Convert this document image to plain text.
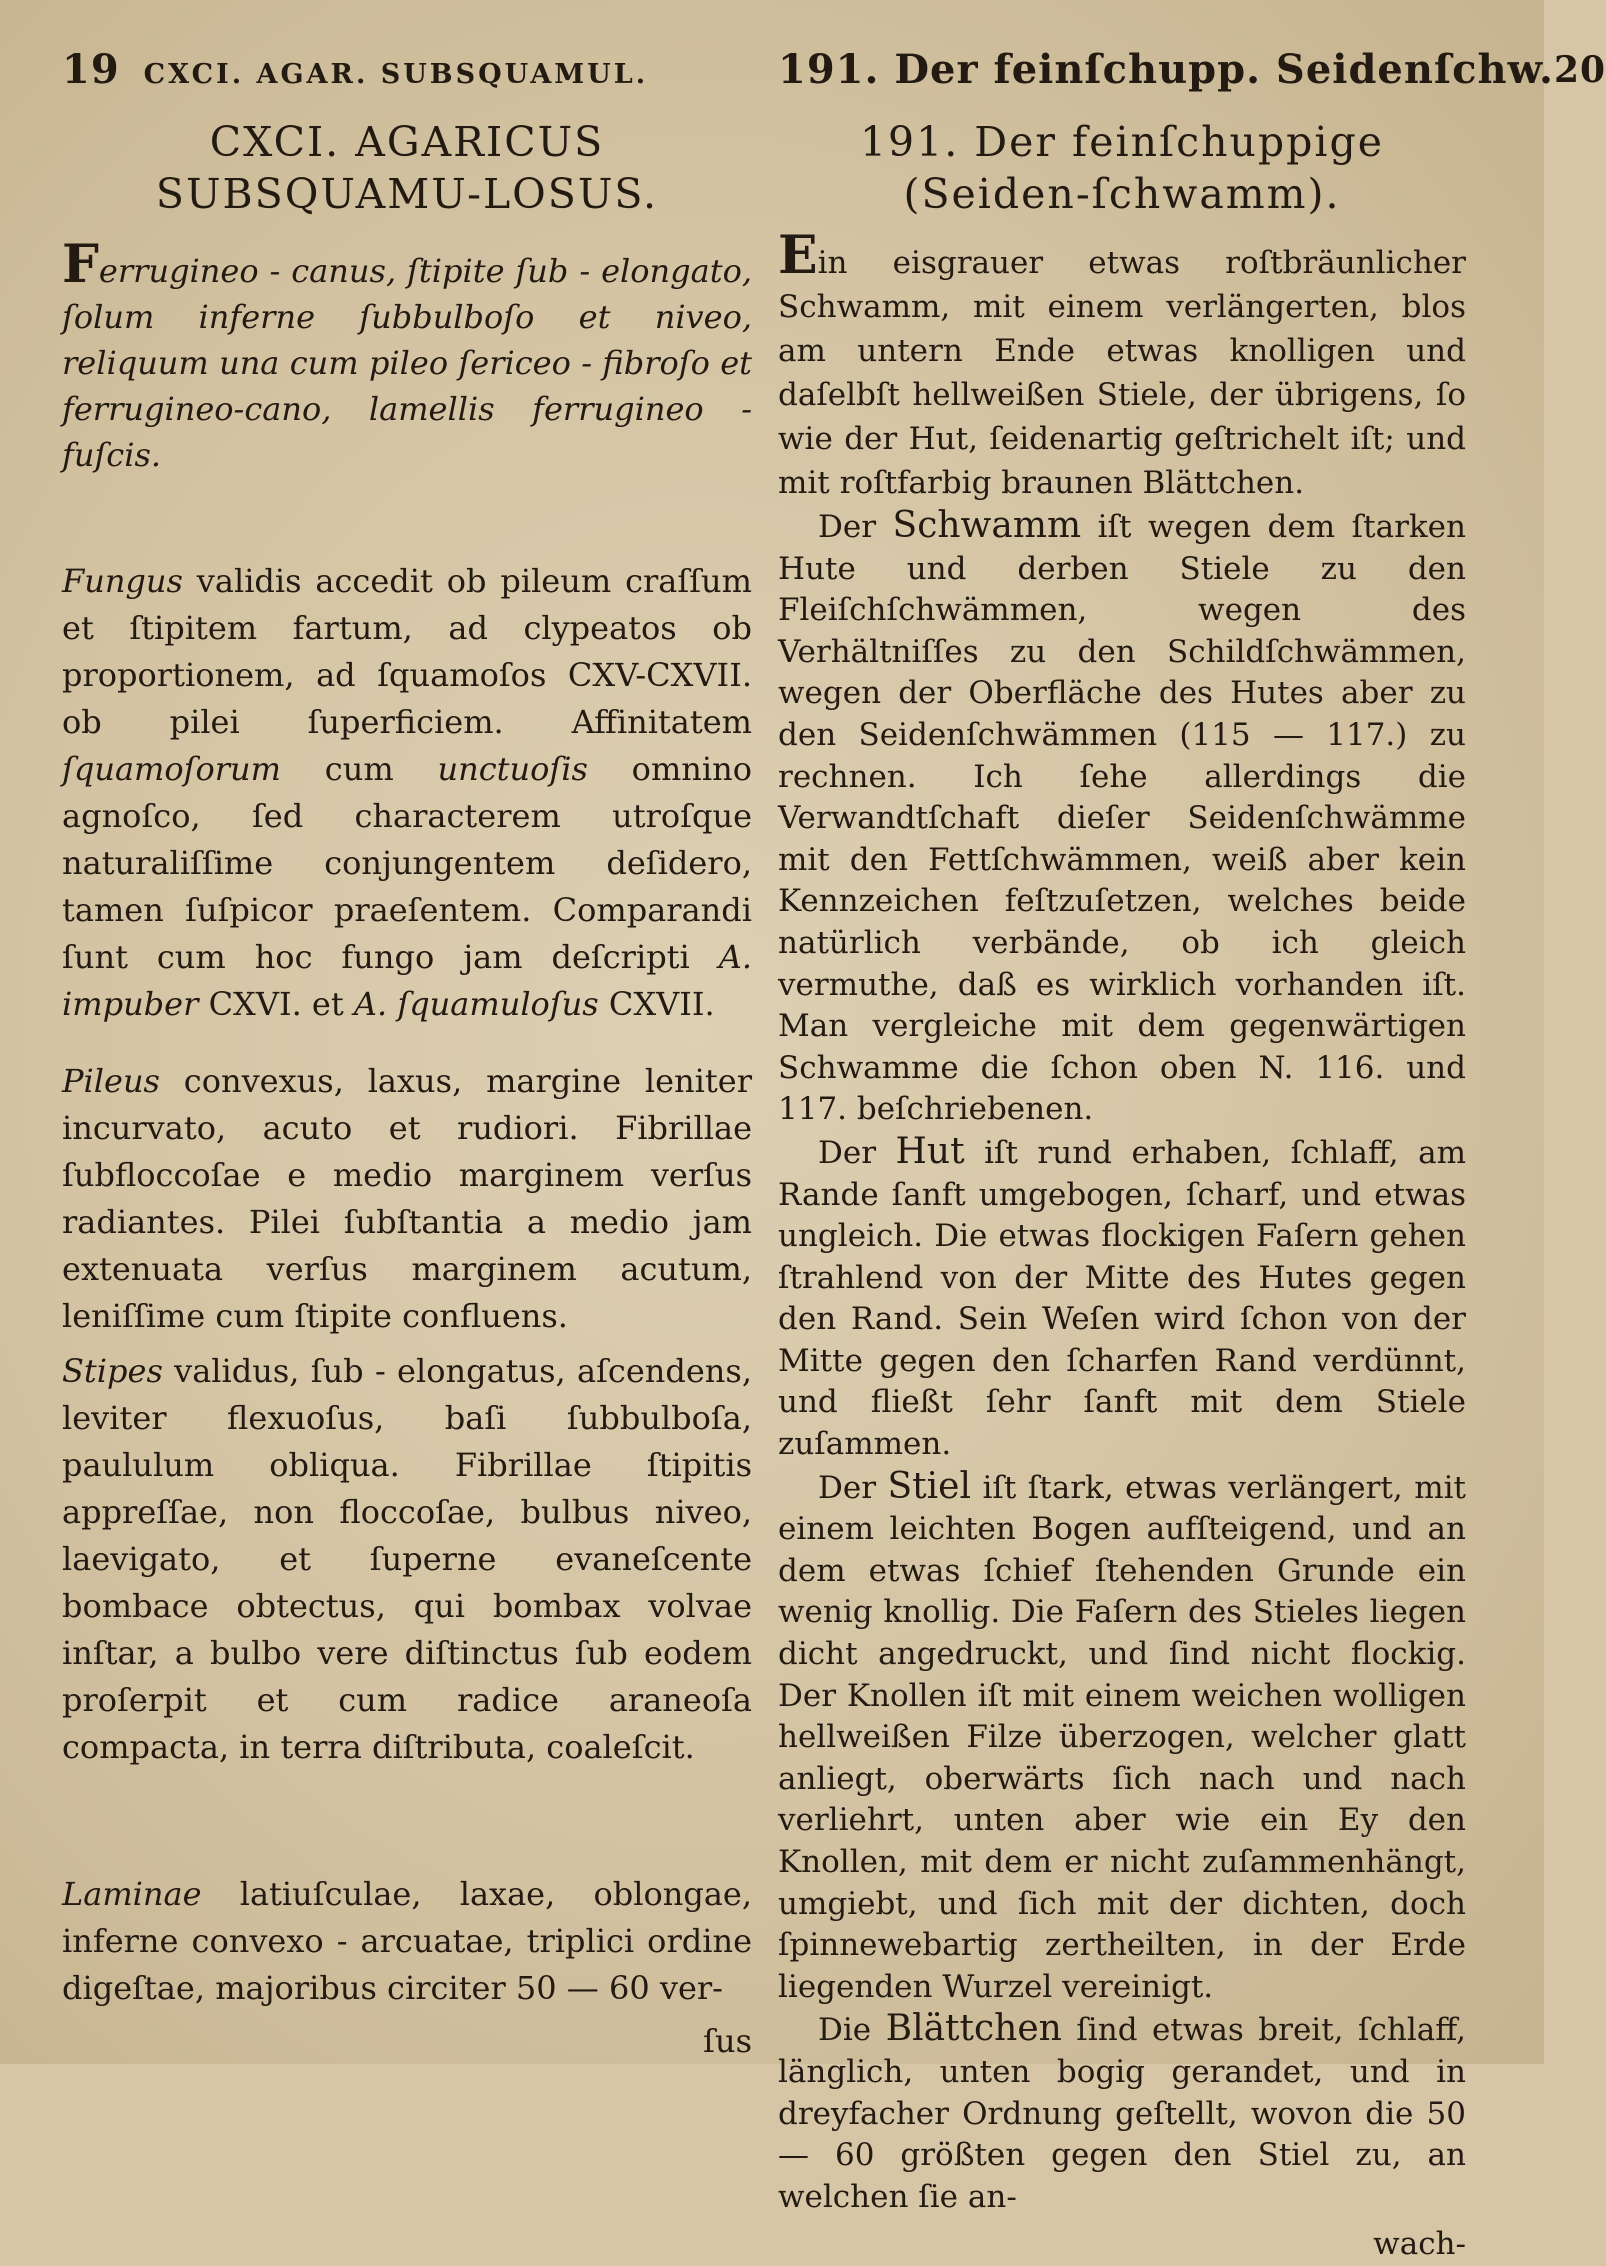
19 CXCI. AGAR. SUBSQUAMUL.
CXCI. AGARICUS SUBSQUAMU-LOSUS.

Ferrugineo - canus, ſtipite ſub - elongato, ſolum inferne ſubbulboſo et niveo, reliquum una cum pileo ſericeo - fibroſo et ferrugineo-cano, lamellis ferrugineo - fuſcis.

Fungus validis accedit ob pileum craſſum et ſtipitem fartum, ad clypeatos ob proportionem, ad ſquamoſos CXV-CXVII. ob pilei ſuperficiem. Affinitatem ſquamoſorum cum unctuoſis omnino agnoſco, ſed characterem utroſque naturaliſſime conjungentem deſidero, tamen ſuſpicor praeſentem. Comparandi ſunt cum hoc fungo jam deſcripti A. impuber CXVI. et A. ſquamuloſus CXVII.

Pileus convexus, laxus, margine leniter incurvato, acuto et rudiori. Fibrillae ſubfloccoſae e medio marginem verſus radiantes. Pilei ſubſtantia a medio jam extenuata verſus marginem acutum, leniſſime cum ſtipite confluens.

Stipes validus, ſub - elongatus, aſcendens, leviter flexuoſus, baſi ſubbulboſa, paululum obliqua. Fibrillae ſtipitis appreſſae, non floccoſae, bulbus niveo, laevigato, et ſuperne evaneſcente bombace obtectus, qui bombax volvae inſtar, a bulbo vere diſtinctus ſub eodem proſerpit et cum radice araneoſa compacta, in terra diſtributa, coaleſcit.

Laminae latiuſculae, laxae, oblongae, inferne convexo - arcuatae, triplici ordine digeſtae, majoribus circiter 50 — 60 ver-

ſus

191. Der feinſchupp. Seidenſchw. 20
191. Der feinſchuppige (Seiden-ſchwamm).

Ein eisgrauer etwas roſtbräunlicher Schwamm, mit einem verlängerten, blos am untern Ende etwas knolligen und daſelbſt hellweißen Stiele, der übrigens, ſo wie der Hut, ſeidenartig geſtrichelt iſt; und mit roſtfarbig braunen Blättchen.

Der Schwamm iſt wegen dem ſtarken Hute und derben Stiele zu den Fleiſchſchwämmen, wegen des Verhältniſſes zu den Schildſchwämmen, wegen der Oberfläche des Hutes aber zu den Seidenſchwämmen (115 — 117.) zu rechnen. Ich ſehe allerdings die Verwandtſchaft dieſer Seidenſchwämme mit den Fettſchwämmen, weiß aber kein Kennzeichen feſtzuſetzen, welches beide natürlich verbände, ob ich gleich vermuthe, daß es wirklich vorhanden iſt. Man vergleiche mit dem gegenwärtigen Schwamme die ſchon oben N. 116. und 117. beſchriebenen.

Der Hut iſt rund erhaben, ſchlaff, am Rande ſanft umgebogen, ſcharf, und etwas ungleich. Die etwas flockigen Faſern gehen ſtrahlend von der Mitte des Hutes gegen den Rand. Sein Weſen wird ſchon von der Mitte gegen den ſcharfen Rand verdünnt, und fließt ſehr ſanft mit dem Stiele zuſammen.

Der Stiel iſt ſtark, etwas verlängert, mit einem leichten Bogen aufſteigend, und an dem etwas ſchief ſtehenden Grunde ein wenig knollig. Die Faſern des Stieles liegen dicht angedruckt, und ſind nicht flockig. Der Knollen iſt mit einem weichen wolligen hellweißen Filze überzogen, welcher glatt anliegt, oberwärts ſich nach und nach verliehrt, unten aber wie ein Ey den Knollen, mit dem er nicht zuſammenhängt, umgiebt, und ſich mit der dichten, doch ſpinnewebartig zertheilten, in der Erde liegenden Wurzel vereinigt.

Die Blättchen ſind etwas breit, ſchlaff, länglich, unten bogig gerandet, und in dreyfacher Ordnung geſtellt, wovon die 50 — 60 größten gegen den Stiel zu, an welchen ſie an-

wach-
